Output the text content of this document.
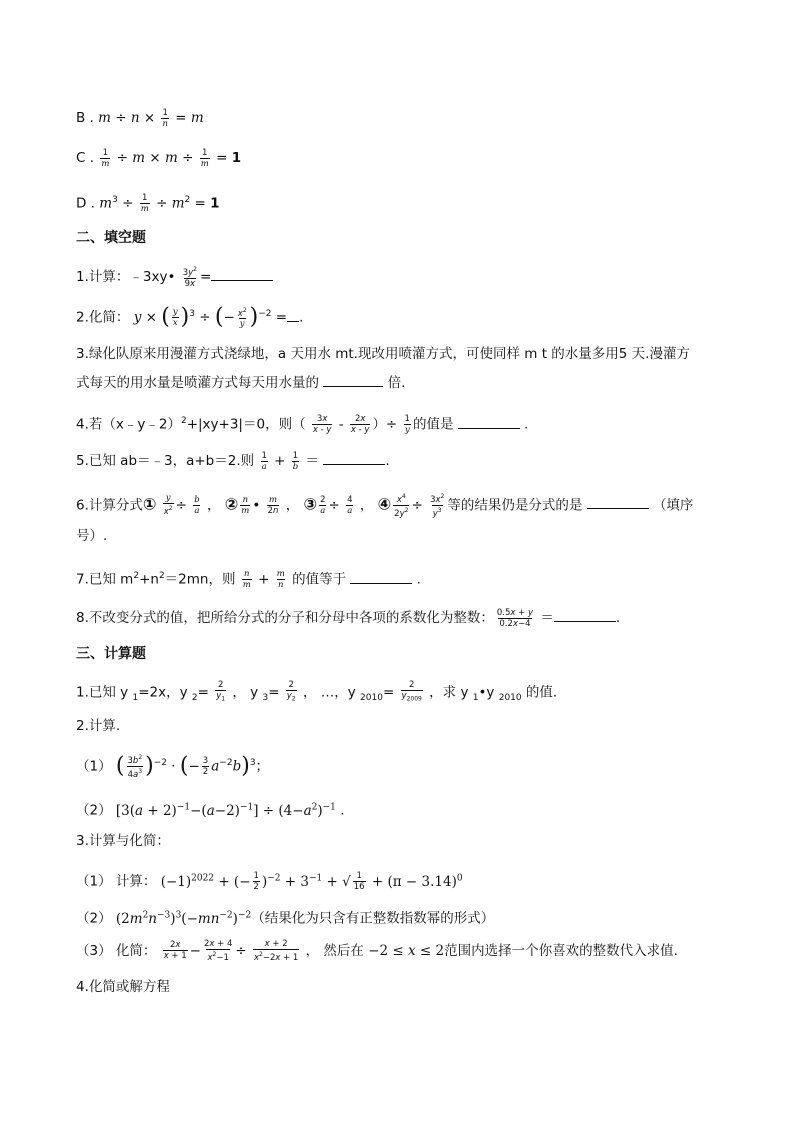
B . $m \div n \times \frac{1}{n} = m$
C . $\frac{1}{m} \div m \times m \div \frac{1}{m} = 1$
D . $m^3 \div \frac{1}{m} \div m^2 = 1$
二、填空题
1.计算：﹣3xy• $\frac{3y^2}{9x}$ =
2.化简： y × ( $\frac{y}{x} )^3$ ÷ (− $\frac{x^2}{y} )^{-2}$ = .
3.绿化队原来用漫灌方式浇绿地，a 天用水 mt.现改用喷灌方式，可使同样 m t 的水量多用5 天.漫灌方
式每天的用水量是喷灌方式每天用水量的	倍.
4.若（x﹣y﹣2）$^2$+|xy+3|＝0，则（ $\frac{3x}{x - y} - \frac{2x}{x - y}$ ）÷ $\frac{1}{y}$ 的值是	.
5.已知 ab＝﹣3，a+b＝2.则 $\frac{1}{a} + \frac{1}{b}$ ＝	.
6.计算分式① $\frac{y}{x^2} \div \frac{b}{a}$ ， ② $\frac{n}{m}$ • $\frac{m}{2n}$ ， ③ $\frac{2}{a} \div \frac{4}{a}$ ， ④ $\frac{x^4}{2y^2} \div \frac{3x^2}{y^3}$ 等的结果仍是分式的是	（填序
号）.
7.已知 $m^2+n^2=2mn$，则 $\frac{n}{m} + \frac{m}{n}$ 的值等于	.
8.不改变分式的值，把所给分式的分子和分母中各项的系数化为整数： $\frac{0.5x + y}{0.2x-4}$ ＝	.
三、计算题
1.已知 y $_1$=2x，y $_2= \frac{2}{y_1}$ ， y $_3= \frac{2}{y_2}$ ， …，y $_{2010}= \frac{2}{y_{2009}}$ ，求 y $_1$•y $_{2010}$ 的值.
2.计算.
（1） ( $\frac{3b^2}{4a^3} )^{-2}$ · (− $\frac{3}{2} a^{-2}b)^3$；
（2） $[3(a + 2)^{-1}-(a-2)^{-1}] \div (4-a^2)^{-1}$ .
3.计算与化简：
（1） 计算： $(-1)^{2022}$ + (− $\frac{1}{2} )^{-2} + 3^{-1}$ + √ $\frac{1}{16} + (\pi - 3.14)^0$
（2） $(2m^2n^{-3})^3(-mn^{-2})^{-2}$（结果化为只含有正整数指数幂的形式）
（3） 化简： $\frac{2x}{x + 1} - \frac{2x + 4}{x^2-1} \div \frac{x + 2}{x^2-2x + 1}$ ， 然后在 −2 ≤ x ≤ 2范围内选择一个你喜欢的整数代入求值.
4.化简或解方程
